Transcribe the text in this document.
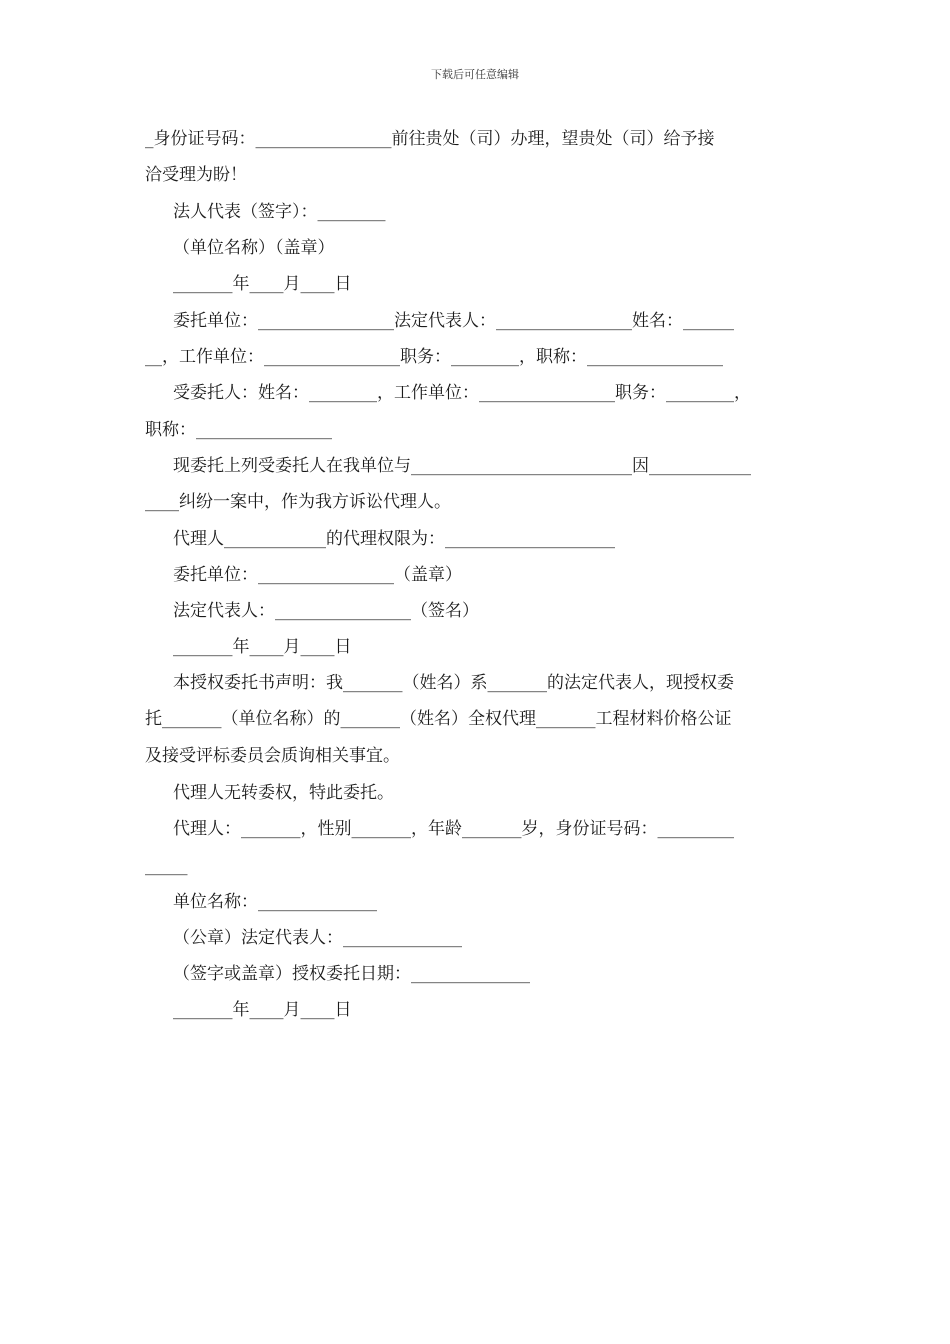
下载后可任意编辑
_身份证号码：________________前往贵处（司）办理，望贵处（司）给予接
洽受理为盼！
法人代表（签字）：________
（单位名称）（盖章）
_______年____月____日
委托单位：________________法定代表人：________________姓名：______
__，工作单位：________________职务：________，职称：________________
受委托人：姓名：________，工作单位：________________职务：________，
职称：________________
现委托上列受委托人在我单位与__________________________因____________
____纠纷一案中，作为我方诉讼代理人。
代理人____________的代理权限为：____________________
委托单位：________________（盖章）
法定代表人：________________（签名）
_______年____月____日
本授权委托书声明：我_______（姓名）系_______的法定代表人，现授权委
托_______（单位名称）的_______（姓名）全权代理_______工程材料价格公证
及接受评标委员会质询相关事宜。
代理人无转委权，特此委托。
代理人：_______，性别_______，年龄_______岁，身份证号码：_________
_____
单位名称：______________
（公章）法定代表人：______________
（签字或盖章）授权委托日期：______________
_______年____月____日
